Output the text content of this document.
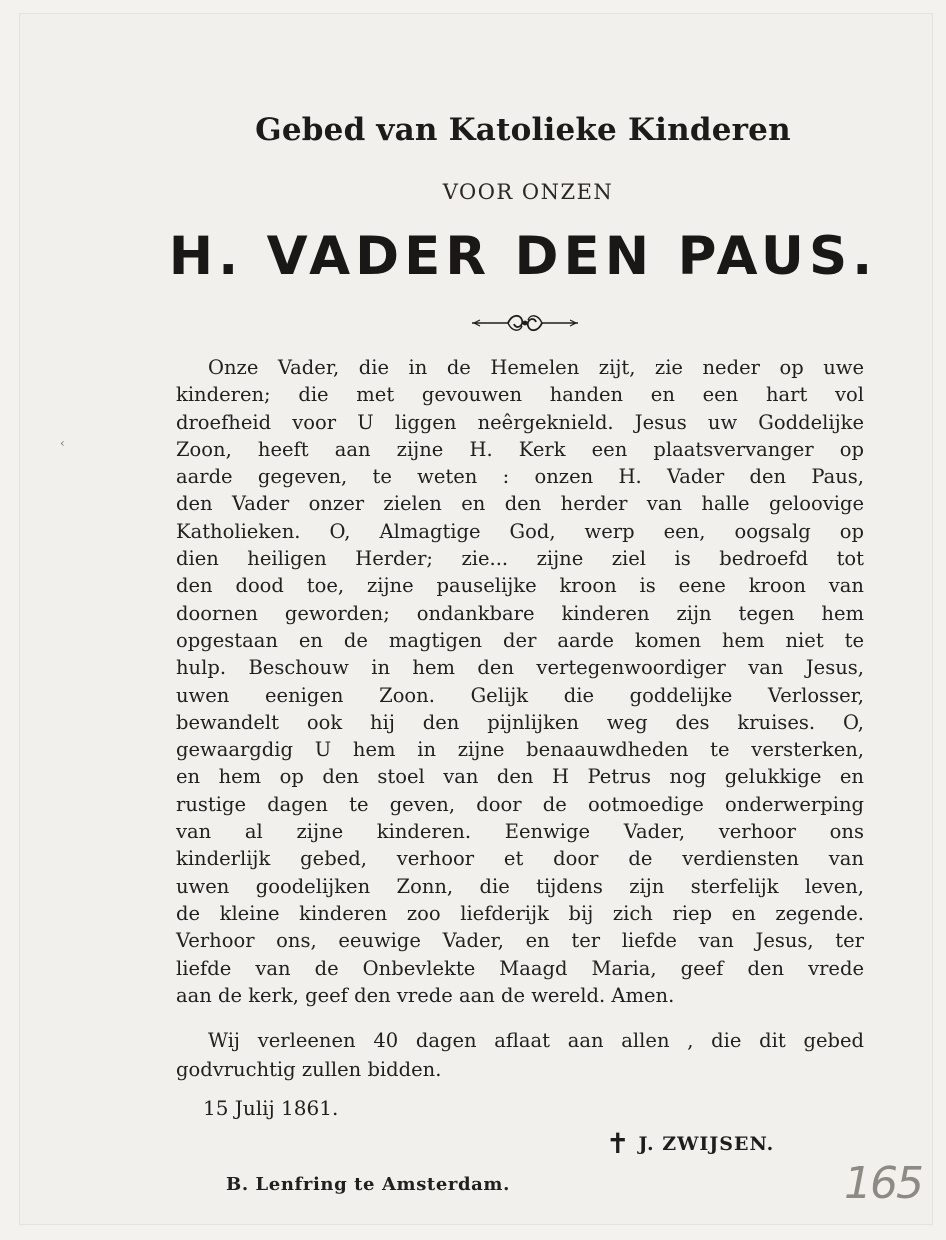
Gebed van Katolieke Kinderen
VOOR ONZEN
H. VADER DEN PAUS.
Onze Vader, die in de Hemelen zijt, zie neder op uwe
kinderen; die met gevouwen handen en een hart vol
droefheid voor U liggen neêrgeknield. Jesus uw Goddelijke
Zoon, heeft aan zijne H. Kerk een plaatsvervanger op
aarde gegeven, te weten : onzen H. Vader den Paus,
den Vader onzer zielen en den herder van halle geloovige
Katholieken. O, Almagtige God, werp een, oogsalg op
dien heiligen Herder; zie... zijne ziel is bedroefd tot
den dood toe, zijne pauselijke kroon is eene kroon van
doornen geworden; ondankbare kinderen zijn tegen hem
opgestaan en de magtigen der aarde komen hem niet te
hulp. Beschouw in hem den vertegenwoordiger van Jesus,
uwen eenigen Zoon. Gelijk die goddelijke Verlosser,
bewandelt ook hij den pijnlijken weg des kruises. O,
gewaargdig U hem in zijne benaauwdheden te versterken,
en hem op den stoel van den H Petrus nog gelukkige en
rustige dagen te geven, door de ootmoedige onderwerping
van al zijne kinderen. Eenwige Vader, verhoor ons
kinderlijk gebed, verhoor et door de verdiensten van
uwen goodelijken Zonn, die tijdens zijn sterfelijk leven,
de kleine kinderen zoo liefderijk bij zich riep en zegende.
Verhoor ons, eeuwige Vader, en ter liefde van Jesus, ter
liefde van de Onbevlekte Maagd Maria, geef den vrede
aan de kerk, geef den vrede aan de wereld. Amen.
Wij verleenen 40 dagen aflaat aan allen , die dit gebed
godvruchtig zullen bidden.
15 Julij 1861.
✝ J. ZWIJSEN.
B. Lenfring te Amsterdam.	165
‹
